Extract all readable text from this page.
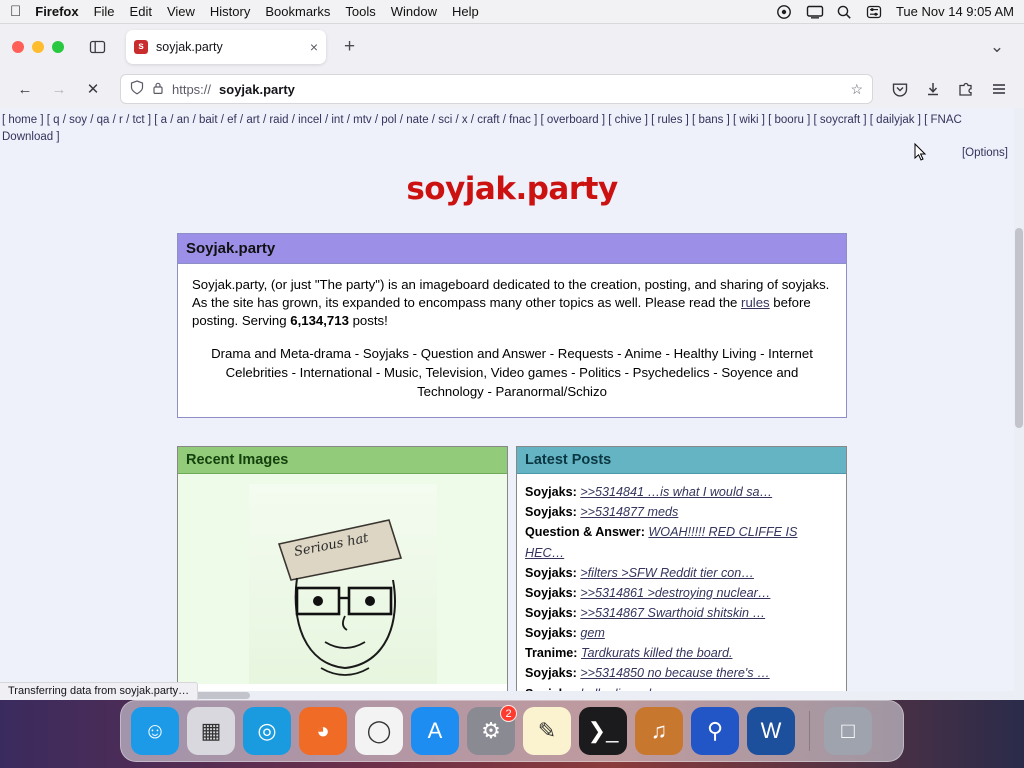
Firefox File Edit View History Bookmarks Tools Window Help	Tue Nov 14 9:05 AM
s
soyjak.party	× +	⌄
←	→	✕	https:// soyjak.party	☆
[ home ] [ q / soy / qa / r / tct ] [ a / an / bait / ef / art / raid / incel / int / mtv / pol / nate / sci / x / craft / fnac ] [ overboard ] [ chive ] [ rules ] [ bans ] [ wiki ] [ booru ] [ soycraft ] [ dailyjak ] [ FNAC Download ]
[Options]
soyjak.party
Soyjak.party
Soyjak.party, (or just "The party") is an imageboard dedicated to the creation, posting, and sharing of soyjaks. As the site has grown, its expanded to encompass many other topics as well. Please read the rules before posting. Serving 6,134,713 posts!
Drama and Meta-drama - Soyjaks - Question and Answer - Requests - Anime - Healthy Living - Internet Celebrities - International - Music, Television, Video games - Politics - Psychedelics - Soyence and Technology - Paranormal/Schizo
Recent Images
Serious hat
Latest Posts
Soyjaks: >>5314841 …is what I would sa…
Soyjaks: >>5314877 meds
Question & Answer: WOAH!!!!! RED CLIFFE IS HEC…
Soyjaks: >filters >SFW Reddit tier con…
Soyjaks: >>5314861 >destroying nuclear…
Soyjaks: >>5314867 Swarthoid shitskin …
Soyjaks: gem
Tranime: Tardkurats killed the board.
Soyjaks: >>5314850 no because there's …
Transferring data from soyjak.party…
☺	▦	◎	◕	◯	A	⚙
2
✎	❯_	♫	⚲	W	□
